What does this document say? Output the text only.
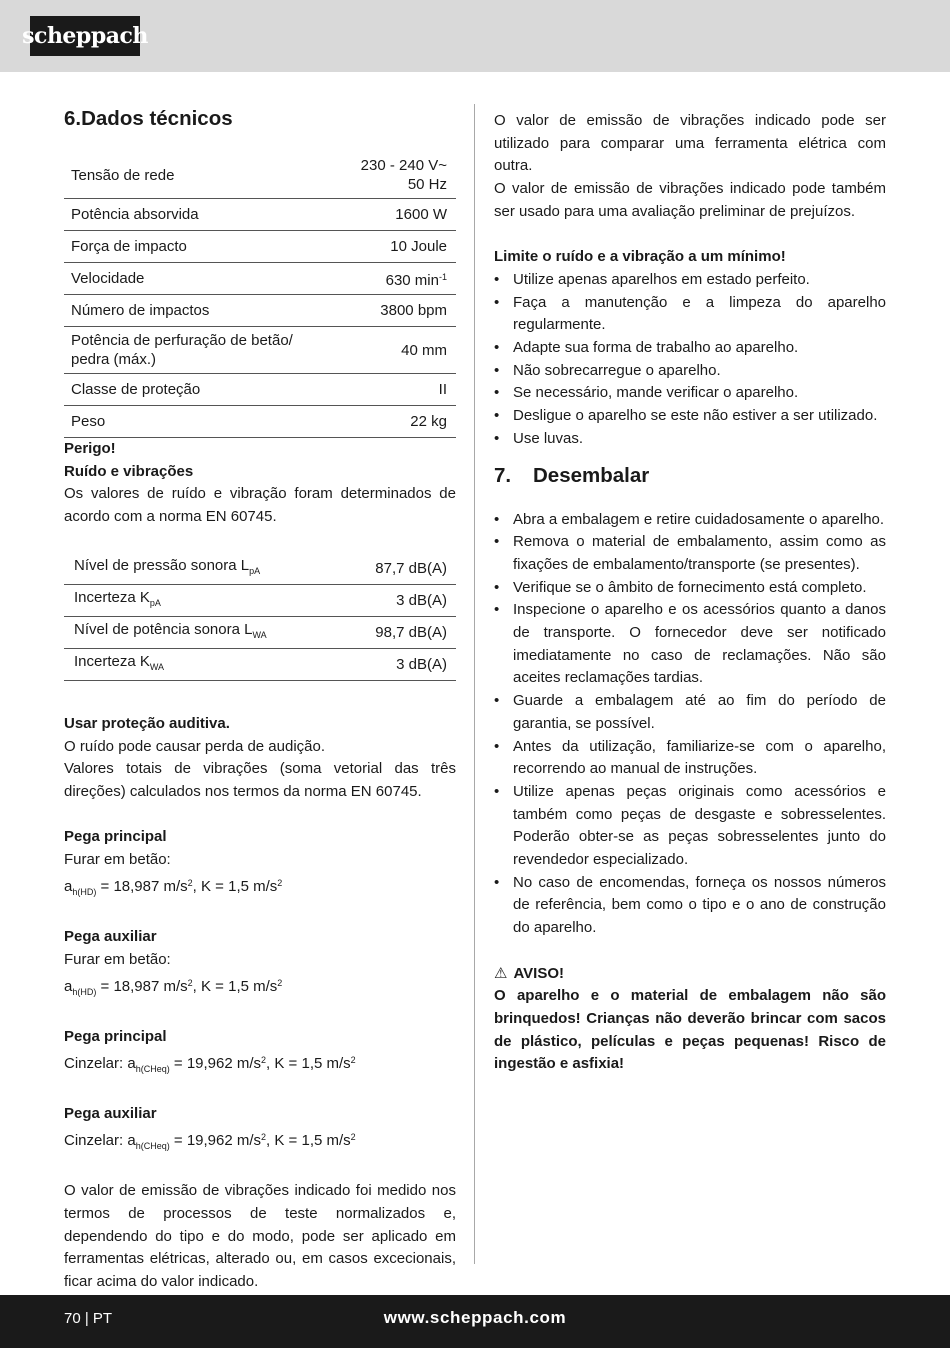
scheppach
6.Dados técnicos
Tensão de rede	230 - 240 V~
50 Hz
Potência absorvida	1600 W
Força de impacto	10 Joule
Velocidade	630 $\min^{-1}$
Número de impactos	3800 bpm
Potência de perfuração de betão/
pedra (máx.)	40 mm
Classe de proteção	II
Peso	22 kg
Perigo!
Ruído e vibrações

Os valores de ruído e vibração foram determinados de acordo com a norma EN 60745.

Nível de pressão sonora $L_{pA}$	87,7 dB(A)
Incerteza $K_{pA}$	3 dB(A)
Nível de potência sonora $L_{WA}$	98,7 dB(A)
Incerteza $K_{WA}$	3 dB(A)
Usar proteção auditiva.

O ruído pode causar perda de audição.

Valores totais de vibrações (soma vetorial das três direções) calculados nos termos da norma EN 60745.

Pega principal
Furar em betão:
$a_{h(HD)} = 18,987$ $m/s^2$, K = 1,5 $m/s^2$
Pega auxiliar
Furar em betão:
$a_{h(HD)} = 18,987$ $m/s^2$, K = 1,5 $m/s^2$
Pega principal
Cinzelar: $a_{h(CHeq)} = 19,962$ $m/s^2$, K = 1,5 $m/s^2$
Pega auxiliar
Cinzelar: $a_{h(CHeq)} = 19,962$ $m/s^2$, K = 1,5 $m/s^2$

O valor de emissão de vibrações indicado foi medido nos termos de processos de teste normalizados e, dependendo do tipo e do modo, pode ser aplicado em ferramentas elétricas, alterado ou, em casos excecionais, ficar acima do valor indicado.

O valor de emissão de vibrações indicado pode ser utilizado para comparar uma ferramenta elétrica com outra.

O valor de emissão de vibrações indicado pode também ser usado para uma avaliação preliminar de prejuízos.

Limite o ruído e a vibração a um mínimo!
• Utilize apenas aparelhos em estado perfeito.
• Faça a manutenção e a limpeza do aparelho regularmente.
• Adapte sua forma de trabalho ao aparelho.
• Não sobrecarregue o aparelho.
• Se necessário, mande verificar o aparelho.
• Desligue o aparelho se este não estiver a ser utilizado.
• Use luvas.
7.	Desembalar
• Abra a embalagem e retire cuidadosamente o aparelho.
• Remova o material de embalamento, assim como as fixações de embalamento/transporte (se presentes).
• Verifique se o âmbito de fornecimento está completo.
• Inspecione o aparelho e os acessórios quanto a danos de transporte. O fornecedor deve ser notificado imediatamente no caso de reclamações. Não são aceites reclamações tardias.
• Guarde a embalagem até ao fim do período de garantia, se possível.
• Antes da utilização, familiarize-se com o aparelho, recorrendo ao manual de instruções.
• Utilize apenas peças originais como acessórios e também como peças de desgaste e sobresselentes. Poderão obter-se as peças sobresselentes junto do revendedor especializado.
• No caso de encomendas, forneça os nossos números de referência, bem como o tipo e o ano de construção do aparelho.
⚠ AVISO!

O aparelho e o material de embalagem não são brinquedos! Crianças não deverão brincar com sacos de plástico, películas e peças pequenas! Risco de ingestão e asfixia!

70 | PT	www.scheppach.com
